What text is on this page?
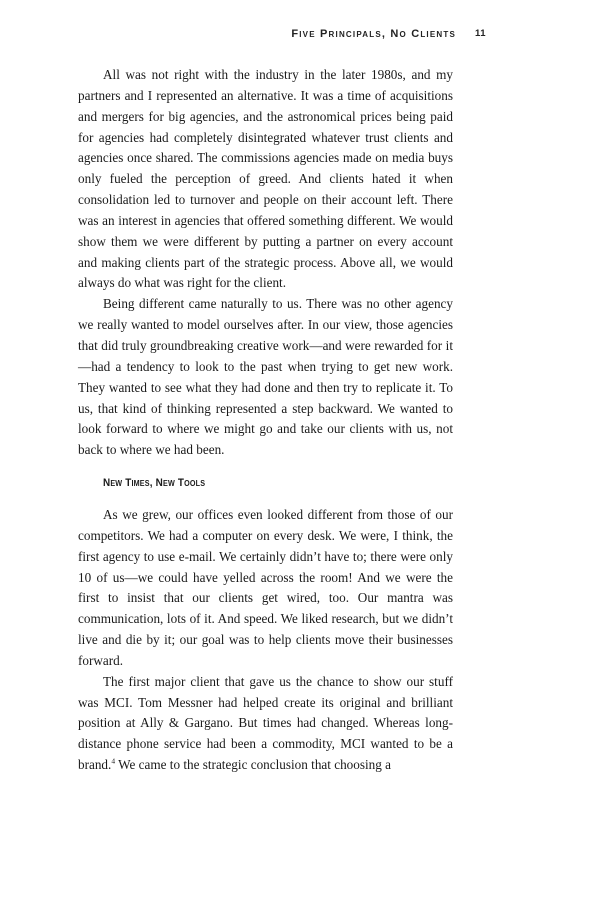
Five Principals, No Clients 11

All was not right with the industry in the later 1980s, and my partners and I represented an alternative. It was a time of acquisitions and mergers for big agencies, and the astronomical prices being paid for agencies had completely disintegrated whatever trust clients and agencies once shared. The commissions agencies made on media buys only fueled the perception of greed. And clients hated it when consolidation led to turnover and people on their account left. There was an interest in agencies that offered something different. We would show them we were different by putting a partner on every account and making clients part of the strategic process. Above all, we would always do what was right for the client.

Being different came naturally to us. There was no other agency we really wanted to model ourselves after. In our view, those agencies that did truly groundbreaking creative work—and were rewarded for it—had a tendency to look to the past when trying to get new work. They wanted to see what they had done and then try to replicate it. To us, that kind of thinking represented a step backward. We wanted to look forward to where we might go and take our clients with us, not back to where we had been.

New Times, New Tools

As we grew, our offices even looked different from those of our competitors. We had a computer on every desk. We were, I think, the first agency to use e-mail. We certainly didn’t have to; there were only 10 of us—we could have yelled across the room! And we were the first to insist that our clients get wired, too. Our mantra was communication, lots of it. And speed. We liked research, but we didn’t live and die by it; our goal was to help clients move their businesses forward.

The first major client that gave us the chance to show our stuff was MCI. Tom Messner had helped create its original and brilliant position at Ally & Gargano. But times had changed. Whereas long-distance phone service had been a commodity, MCI wanted to be a brand.$^4$ We came to the strategic conclusion that choosing a
